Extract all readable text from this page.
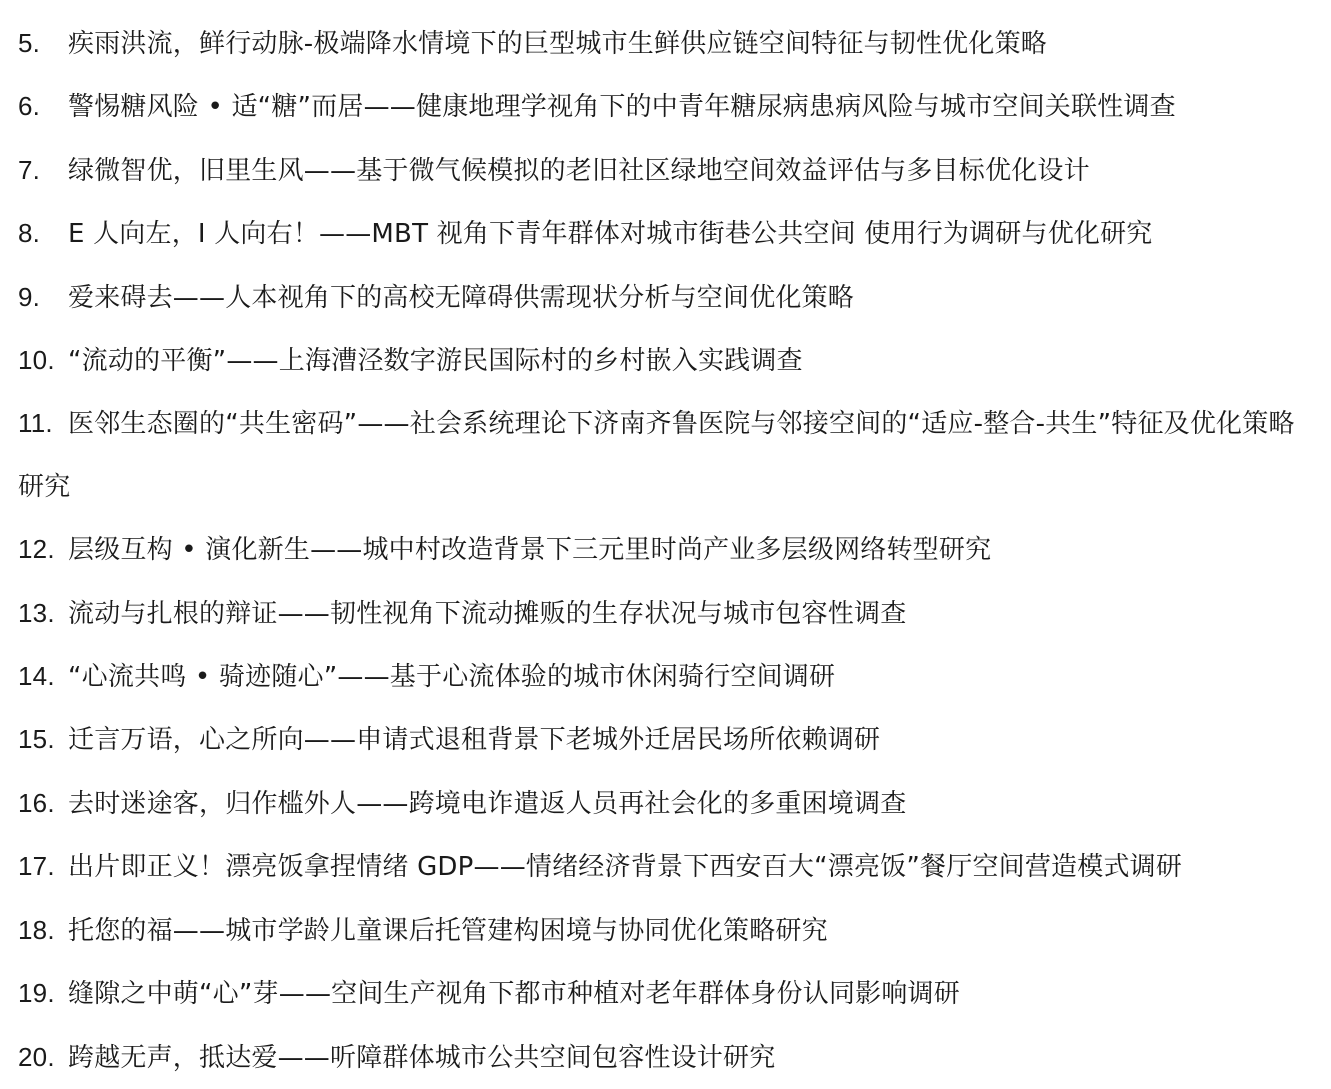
5. 疾雨洪流，鲜行动脉-极端降水情境下的巨型城市生鲜供应链空间特征与韧性优化策略
6. 警惕糖风险 • 适“糖”而居——健康地理学视角下的中青年糖尿病患病风险与城市空间关联性调查
7. 绿微智优，旧里生风——基于微气候模拟的老旧社区绿地空间效益评估与多目标优化设计
8. E 人向左，I 人向右！——MBT 视角下青年群体对城市街巷公共空间 使用行为调研与优化研究
9. 爱来碍去——人本视角下的高校无障碍供需现状分析与空间优化策略
10. “流动的平衡”——上海漕泾数字游民国际村的乡村嵌入实践调查
11. 医邻生态圈的“共生密码”——社会系统理论下济南齐鲁医院与邻接空间的“适应-整合-共生”特征及优化策略研究
12. 层级互构 • 演化新生——城中村改造背景下三元里时尚产业多层级网络转型研究
13. 流动与扎根的辩证——韧性视角下流动摊贩的生存状况与城市包容性调查
14. “心流共鸣 • 骑迹随心”——基于心流体验的城市休闲骑行空间调研
15. 迁言万语，心之所向——申请式退租背景下老城外迁居民场所依赖调研
16. 去时迷途客，归作槛外人——跨境电诈遣返人员再社会化的多重困境调查
17. 出片即正义！漂亮饭拿捏情绪 GDP——情绪经济背景下西安百大“漂亮饭”餐厅空间营造模式调研
18. 托您的福——城市学龄儿童课后托管建构困境与协同优化策略研究
19. 缝隙之中萌“心”芽——空间生产视角下都市种植对老年群体身份认同影响调研
20. 跨越无声，抵达爱——听障群体城市公共空间包容性设计研究
